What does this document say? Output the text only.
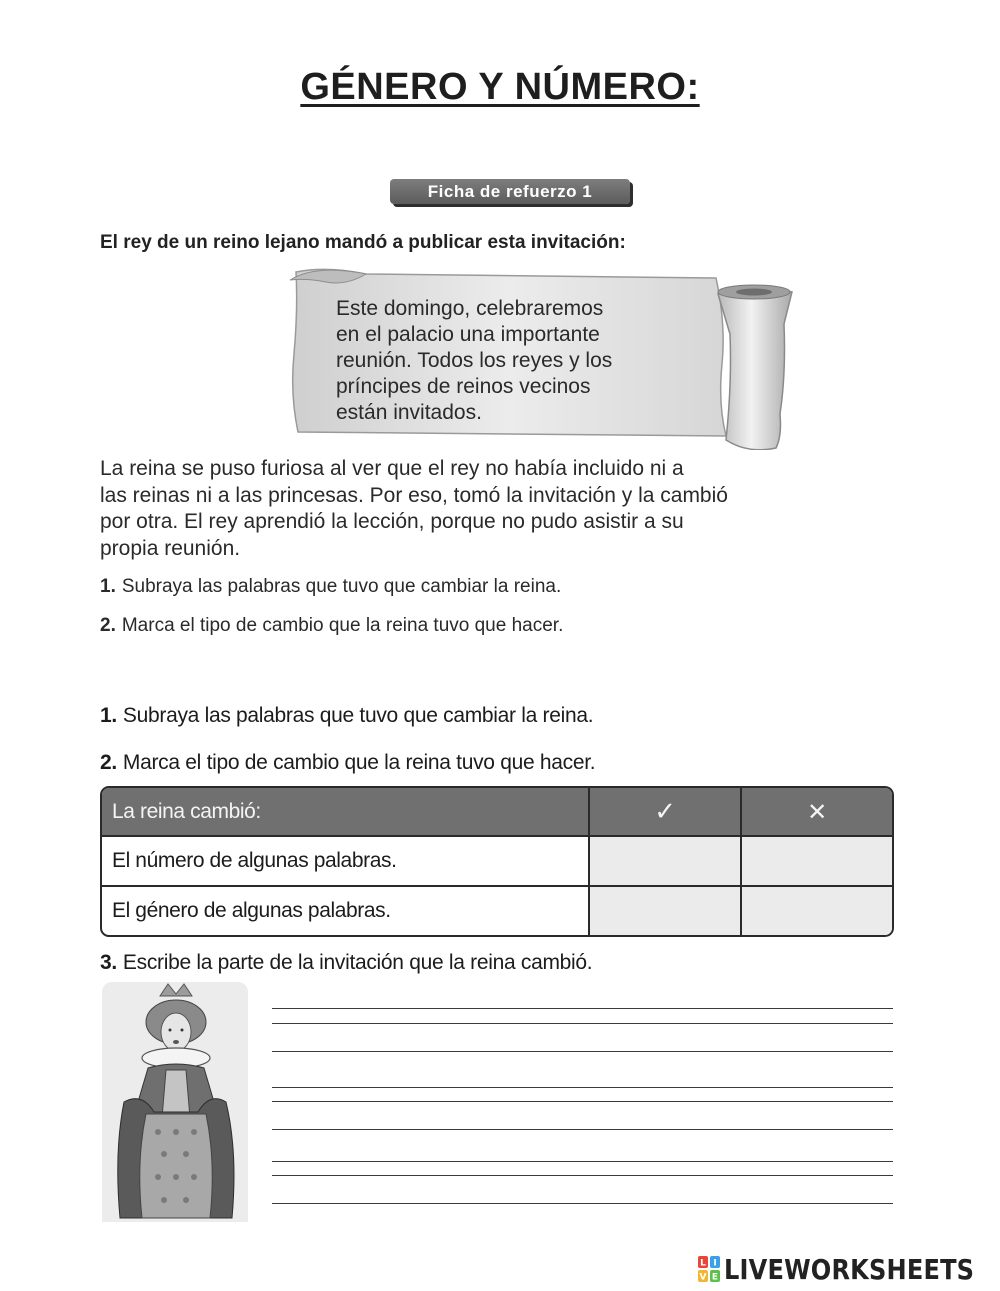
GÉNERO Y NÚMERO:
Ficha de refuerzo 1
El rey de un reino lejano mandó a publicar esta invitación:
Este domingo, celebraremos
en el palacio una importante
reunión. Todos los reyes y los
príncipes de reinos vecinos
están invitados.
La reina se puso furiosa al ver que el rey no había incluido ni a
las reinas ni a las princesas. Por eso, tomó la invitación y la cambió
por otra. El rey aprendió la lección, porque no pudo asistir a su
propia reunión.
1. Subraya las palabras que tuvo que cambiar la reina.
2. Marca el tipo de cambio que la reina tuvo que hacer.
1. Subraya las palabras que tuvo que cambiar la reina.
2. Marca el tipo de cambio que la reina tuvo que hacer.
La reina cambió:	✓	✕
El número de algunas palabras.		
El género de algunas palabras.		
3. Escribe la parte de la invitación que la reina cambió.
L I
V E LIVEWORKSHEETS
